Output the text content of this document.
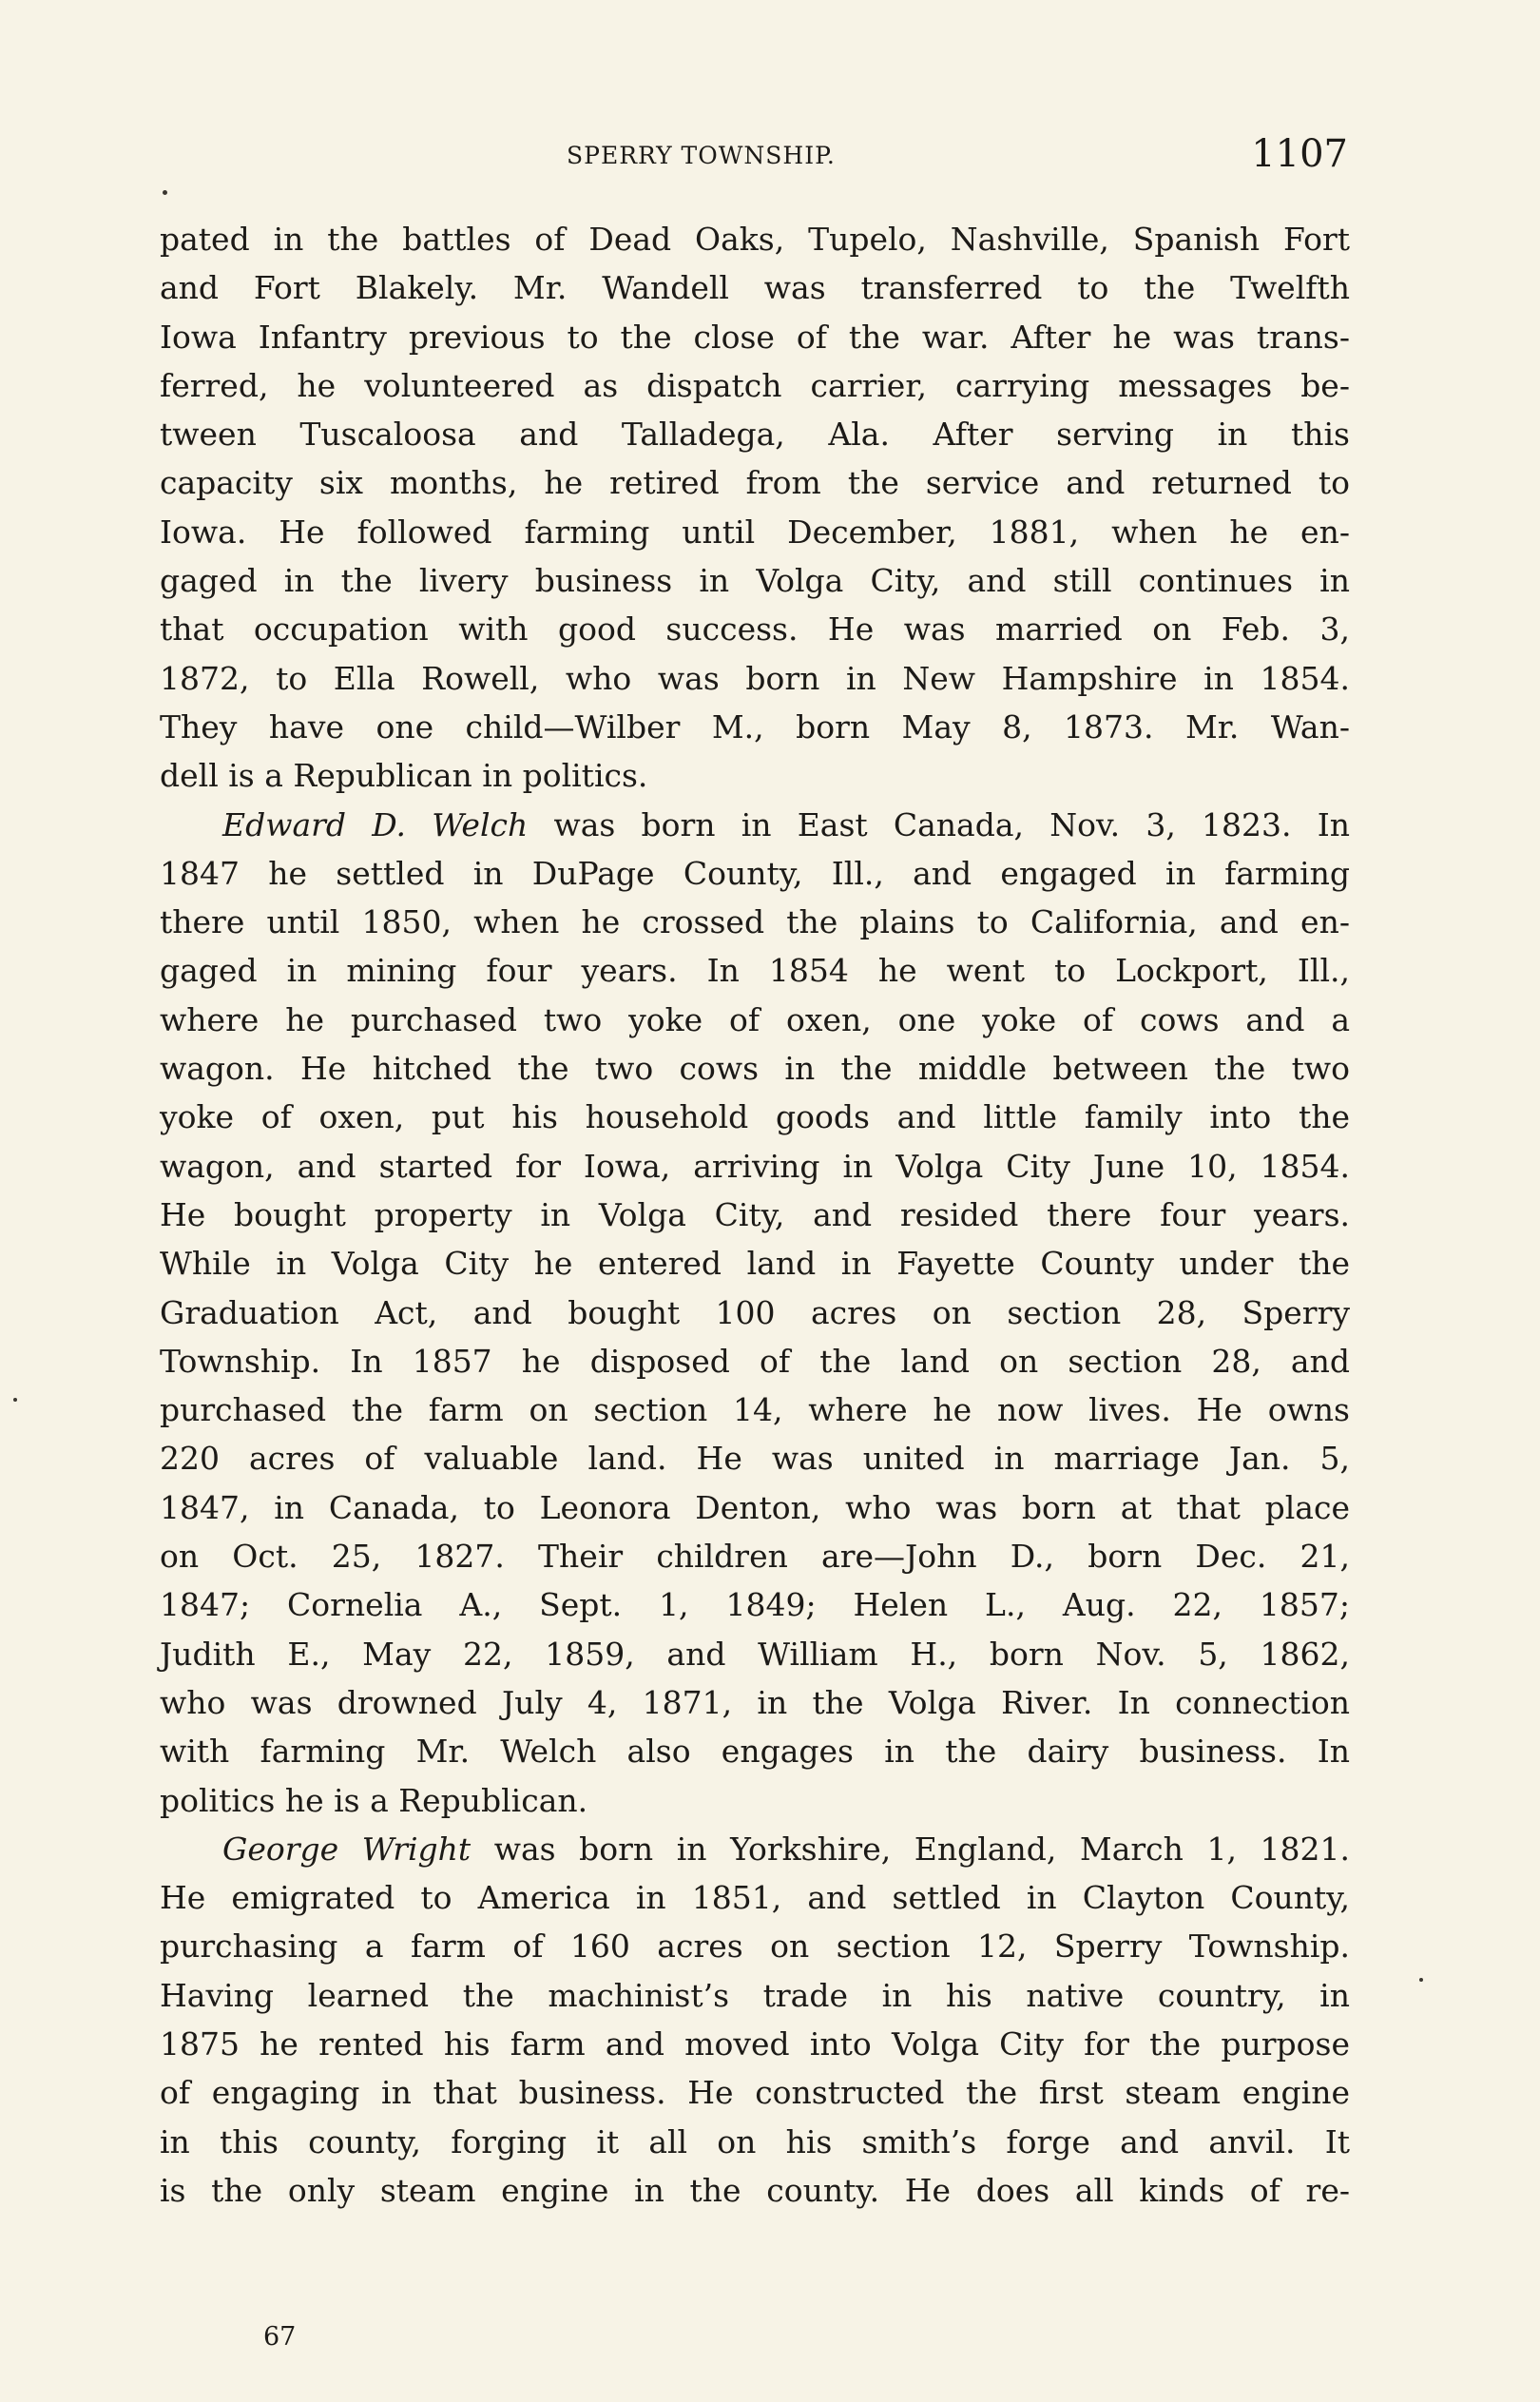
SPERRY TOWNSHIP.	1107
pated in the battles of Dead Oaks, Tupelo, Nashville, Spanish Fort
and Fort Blakely. Mr. Wandell was transferred to the Twelfth
Iowa Infantry previous to the close of the war. After he was trans-
ferred, he volunteered as dispatch carrier, carrying messages be-
tween Tuscaloosa and Talladega, Ala. After serving in this
capacity six months, he retired from the service and returned to
Iowa. He followed farming until December, 1881, when he en-
gaged in the livery business in Volga City, and still continues in
that occupation with good success. He was married on Feb. 3,
1872, to Ella Rowell, who was born in New Hampshire in 1854.
They have one child—Wilber M., born May 8, 1873. Mr. Wan-
dell is a Republican in politics.
Edward D. Welch was born in East Canada, Nov. 3, 1823. In
1847 he settled in DuPage County, Ill., and engaged in farming
there until 1850, when he crossed the plains to California, and en-
gaged in mining four years. In 1854 he went to Lockport, Ill.,
where he purchased two yoke of oxen, one yoke of cows and a
wagon. He hitched the two cows in the middle between the two
yoke of oxen, put his household goods and little family into the
wagon, and started for Iowa, arriving in Volga City June 10, 1854.
He bought property in Volga City, and resided there four years.
While in Volga City he entered land in Fayette County under the
Graduation Act, and bought 100 acres on section 28, Sperry
Township. In 1857 he disposed of the land on section 28, and
purchased the farm on section 14, where he now lives. He owns
220 acres of valuable land. He was united in marriage Jan. 5,
1847, in Canada, to Leonora Denton, who was born at that place
on Oct. 25, 1827. Their children are—John D., born Dec. 21,
1847; Cornelia A., Sept. 1, 1849; Helen L., Aug. 22, 1857;
Judith E., May 22, 1859, and William H., born Nov. 5, 1862,
who was drowned July 4, 1871, in the Volga River. In connection
with farming Mr. Welch also engages in the dairy business. In
politics he is a Republican.
George Wright was born in Yorkshire, England, March 1, 1821.
He emigrated to America in 1851, and settled in Clayton County,
purchasing a farm of 160 acres on section 12, Sperry Township.
Having learned the machinist’s trade in his native country, in
1875 he rented his farm and moved into Volga City for the purpose
of engaging in that business. He constructed the first steam engine
in this county, forging it all on his smith’s forge and anvil. It
is the only steam engine in the county. He does all kinds of re-
67
